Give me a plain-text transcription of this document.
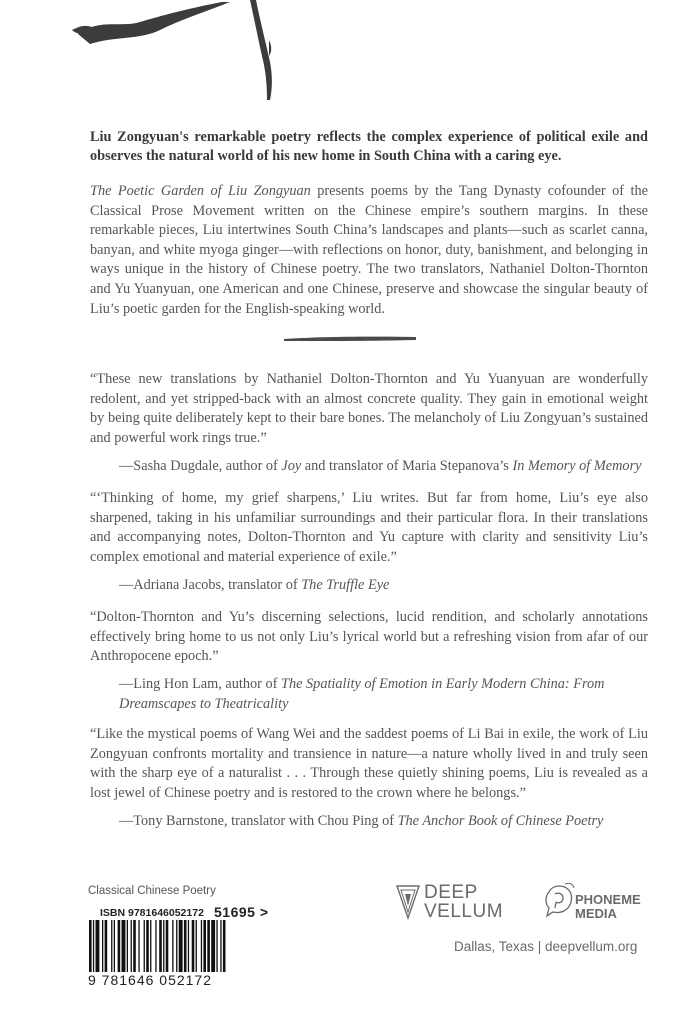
Liu Zongyuan's remarkable poetry reflects the complex experience of political exile and observes the natural world of his new home in South China with a caring eye.

The Poetic Garden of Liu Zongyuan presents poems by the Tang Dynasty cofounder of the Classical Prose Movement written on the Chinese empire’s southern margins. In these remarkable pieces, Liu intertwines South China’s landscapes and plants—such as scarlet canna, banyan, and white myoga ginger—with reflections on honor, duty, banishment, and belonging in ways unique in the history of Chinese poetry. The two translators, Nathaniel Dolton-Thornton and Yu Yuanyuan, one American and one Chinese, preserve and showcase the singular beauty of Liu’s poetic garden for the English-speaking world.

“These new translations by Nathaniel Dolton-Thornton and Yu Yuanyuan are wonderfully redolent, and yet stripped-back with an almost concrete quality. They gain in emotional weight by being quite deliberately kept to their bare bones. The melancholy of Liu Zongyuan’s sustained and powerful work rings true.”

—Sasha Dugdale, author of Joy and translator of Maria Stepanova’s In Memory of Memory

“‘Thinking of home, my grief sharpens,’ Liu writes. But far from home, Liu’s eye also sharpened, taking in his unfamiliar surroundings and their particular flora. In their translations and accompanying notes, Dolton-Thornton and Yu capture with clarity and sensitivity Liu’s complex emotional and material experience of exile.”

—Adriana Jacobs, translator of The Truffle Eye

“Dolton-Thornton and Yu’s discerning selections, lucid rendition, and scholarly annotations effectively bring home to us not only Liu’s lyrical world but a refreshing vision from afar of our Anthropocene epoch.”

—Ling Hon Lam, author of The Spatiality of Emotion in Early Modern China: From Dreamscapes to Theatricality

“Like the mystical poems of Wang Wei and the saddest poems of Li Bai in exile, the work of Liu Zongyuan confronts mortality and transience in nature—a nature wholly lived in and truly seen with the sharp eye of a naturalist . . . Through these quietly shining poems, Liu is revealed as a lost jewel of Chinese poetry and is restored to the crown where he belongs.”

—Tony Barnstone, translator with Chou Ping of The Anchor Book of Chinese Poetry

Classical Chinese Poetry
ISBN 9781646052172 51695 >
9 781646 052172
DEEP
VELLUM
PHONEME
MEDIA
Dallas, Texas | deepvellum.org
